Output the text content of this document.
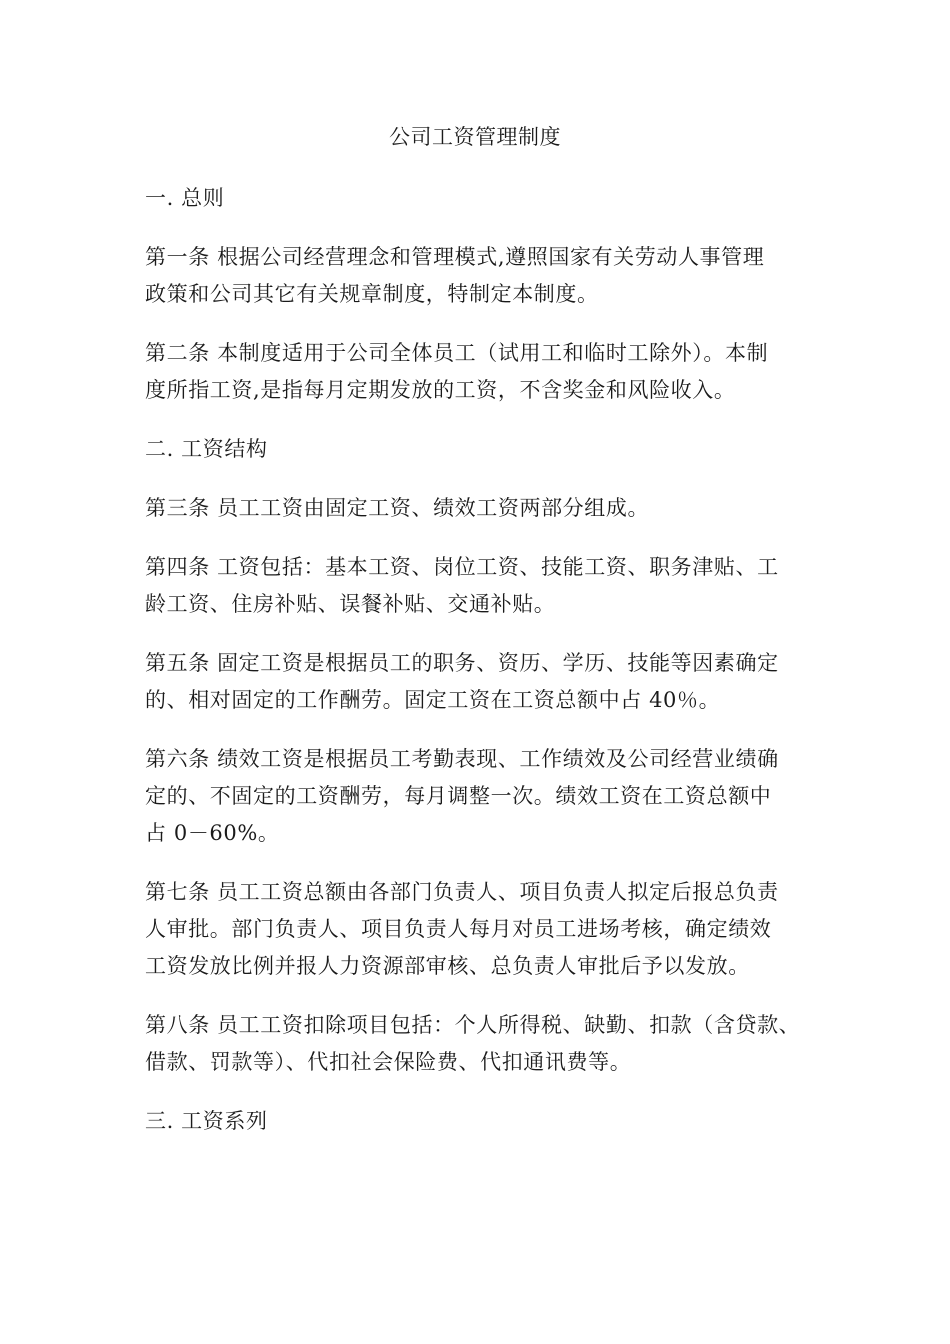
公司工资管理制度
一. 总则
第一条 根据公司经营理念和管理模式,遵照国家有关劳动人事管理
政策和公司其它有关规章制度，特制定本制度。
第二条 本制度适用于公司全体员工（试用工和临时工除外）。本制
度所指工资,是指每月定期发放的工资，不含奖金和风险收入。
二. 工资结构
第三条 员工工资由固定工资、绩效工资两部分组成。
第四条 工资包括：基本工资、岗位工资、技能工资、职务津贴、工
龄工资、住房补贴、误餐补贴、交通补贴。
第五条 固定工资是根据员工的职务、资历、学历、技能等因素确定
的、相对固定的工作酬劳。固定工资在工资总额中占 40％。
第六条 绩效工资是根据员工考勤表现、工作绩效及公司经营业绩确
定的、不固定的工资酬劳，每月调整一次。绩效工资在工资总额中
占 0－60%。
第七条 员工工资总额由各部门负责人、项目负责人拟定后报总负责
人审批。部门负责人、项目负责人每月对员工进场考核，确定绩效
工资发放比例并报人力资源部审核、总负责人审批后予以发放。
第八条 员工工资扣除项目包括：个人所得税、缺勤、扣款（含贷款、
借款、罚款等）、代扣社会保险费、代扣通讯费等。
三. 工资系列
